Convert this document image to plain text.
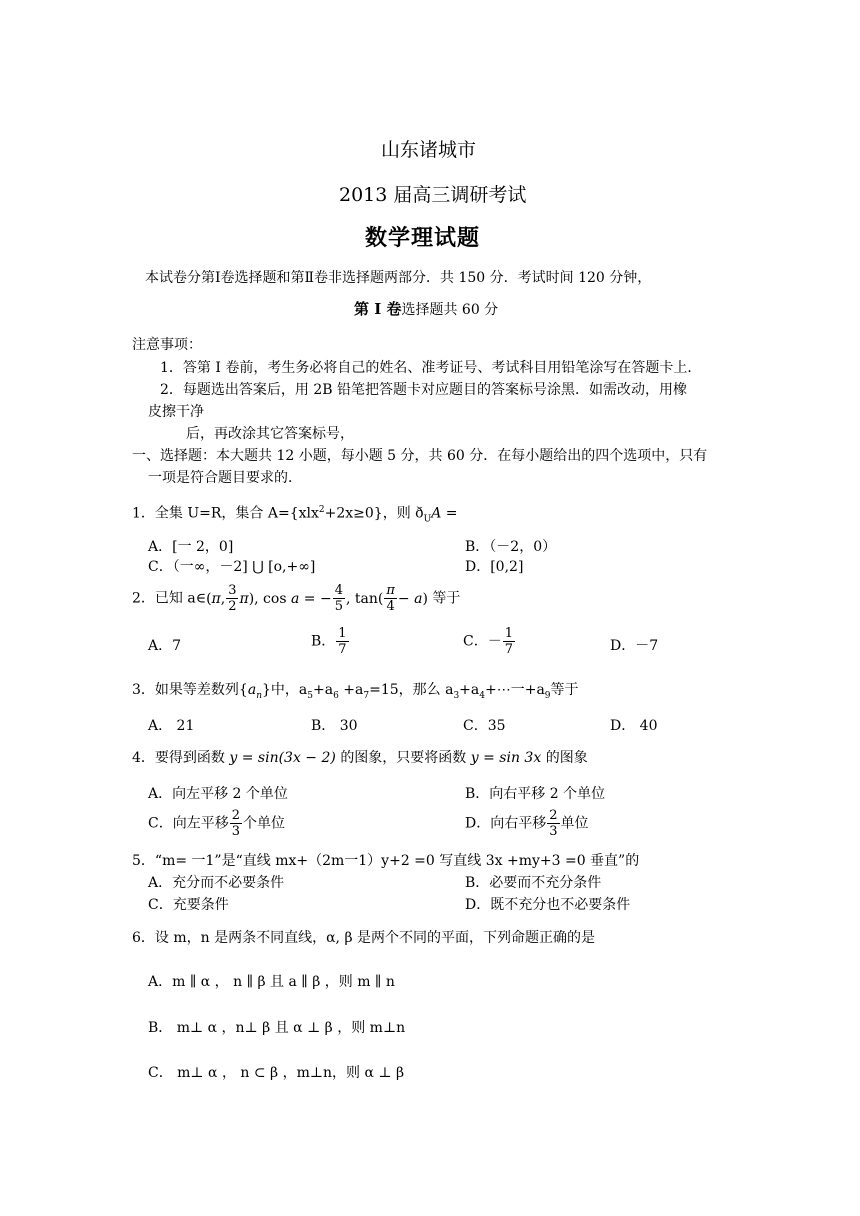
山东诸城市
2013 届高三调研考试
数学理试题
本试卷分第Ⅰ卷选择题和第Ⅱ卷非选择题两部分．共 150 分．考试时间 120 分钟，
第 Ⅰ 卷选择题共 60 分
注意事项：
1．答第 I 卷前，考生务必将自己的姓名、准考证号、考试科目用铅笔涂写在答题卡上．
2．每题选出答案后，用 2B 铅笔把答题卡对应题目的答案标号涂黑．如需改动，用橡
皮擦干净
后，再改涂其它答案标号，
一、选择题：本大题共 12 小题，每小题 5 分，共 60 分．在每小题给出的四个选项中，只有
一项是符合题目要求的．
1．全集 U=R，集合 A={xlx$^2$+2x≥0}，则 $ð_UA$ =
A．[一 2，0]	B．（－2，0）
C．（一∞，－2] ⋃ [o,+∞]	D．[0,2]
2．已知 a∈(π, $\frac{3}{2} \pi$), cos a = − $\frac{4}{5}$ , $\tan( \frac{\pi}{4} - a)$ 等于
A．7	B． $\frac{1}{7}$	C．－ $\frac{1}{7}$	D．－7
3．如果等差数列$\{a_n\}$中，$a_5+a_6 +a_7=15$，那么 $a_3+a_4+\cdots$一$+a_9$等于
A． 21	B． 30	C．35	D． 40
4．要得到函数 y = sin(3x − 2) 的图象，只要将函数 y = sin 3x 的图象
A．向左平移 2 个单位	B．向右平移 2 个单位
C．向左平移 $\frac{2}{3}$ 个单位	D．向右平移 $\frac{2}{3}$ 单位
5．“m= 一1”是“直线 mx+（2m一1）y+2 =0 写直线 3x +my+3 =0 垂直”的
A．充分而不必要条件	B．必要而不充分条件
C．充要条件	D．既不充分也不必要条件
6．设 m，n 是两条不同直线，α, β 是两个不同的平面，下列命题正确的是
A．m ∥ α ， n ∥ β 且 a ∥ β ，则 m ∥ n
B． m⊥ α ，n⊥ β 且 α ⊥ β ，则 m⊥n
C． m⊥ α ， n ⊂ β ，m⊥n，则 α ⊥ β
